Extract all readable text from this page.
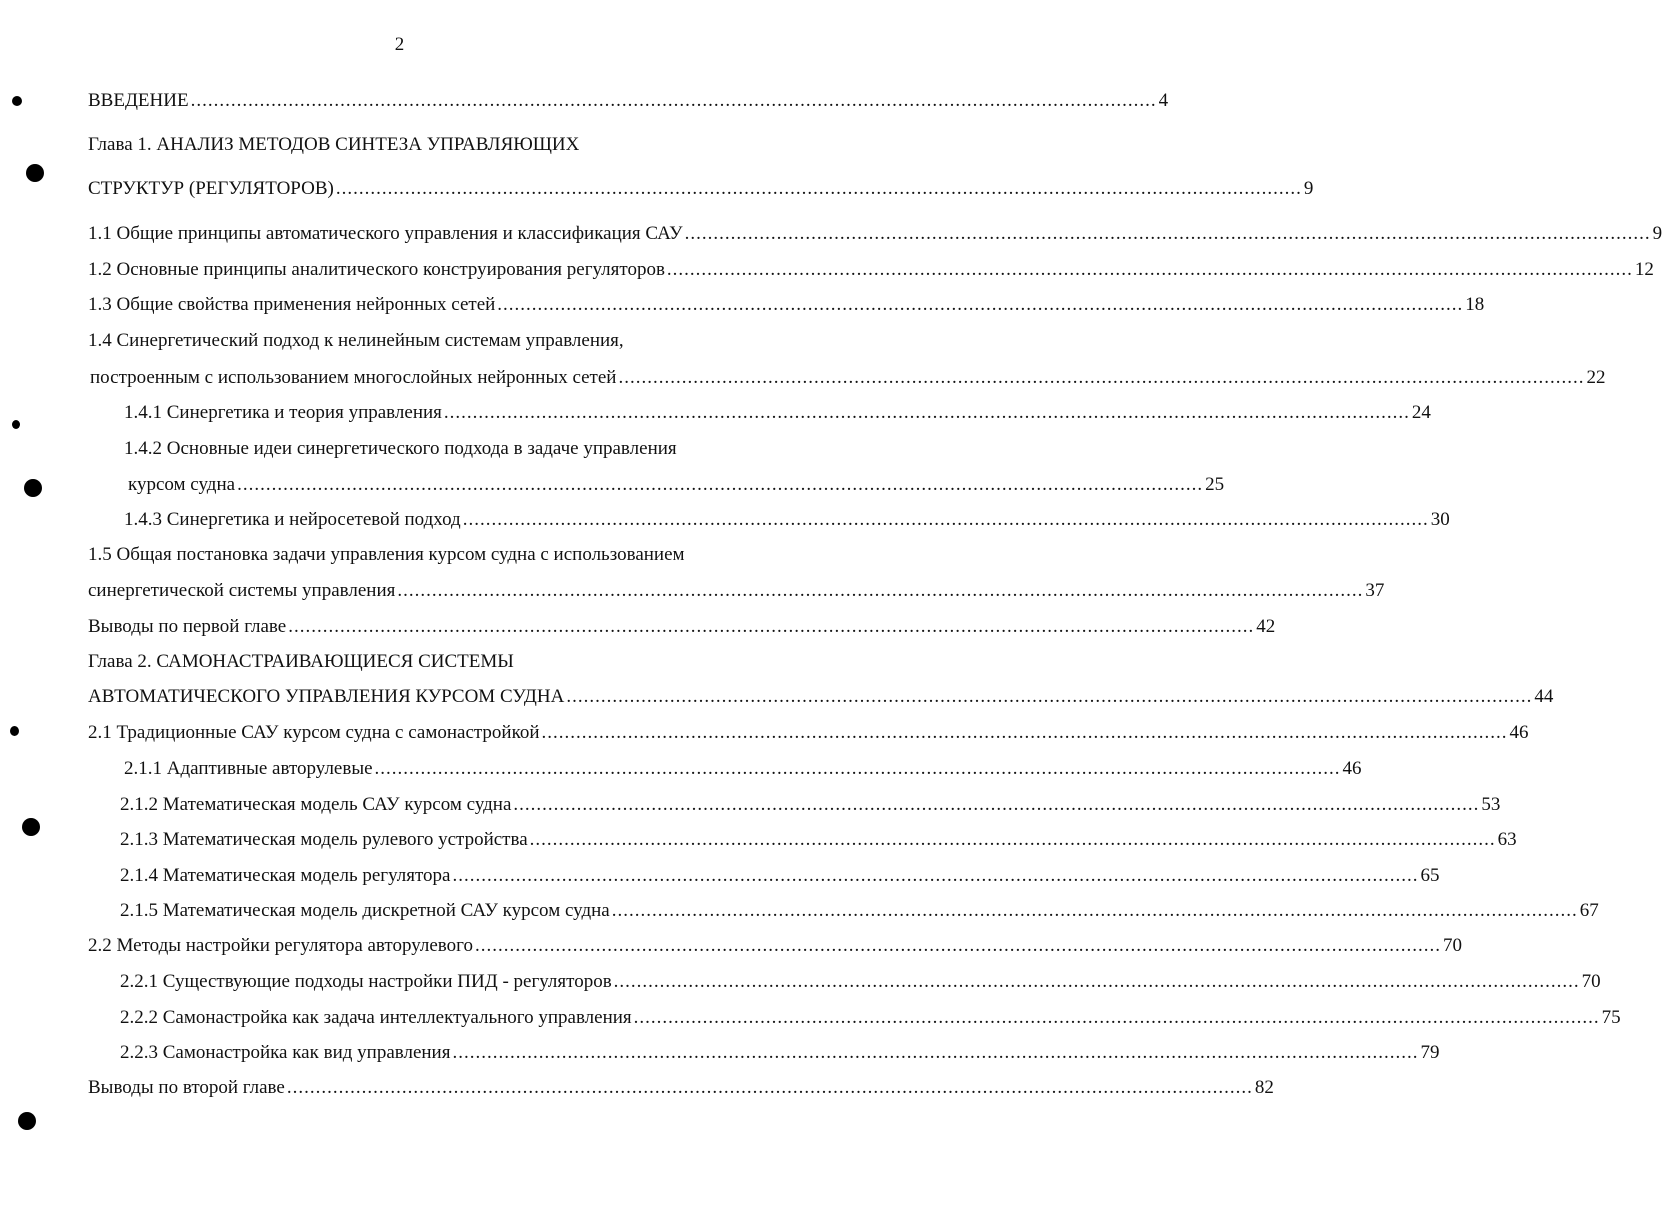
2
ВВЕДЕНИЕ ........................................................................................................................................................................ 4
Глава 1. АНАЛИЗ МЕТОДОВ СИНТЕЗА УПРАВЛЯЮЩИХ
СТРУКТУР (РЕГУЛЯТОРОВ) ........................................................................................................................................................................ 9
1.1 Общие принципы автоматического управления и классификация САУ ........................................................................................................................................................................ 9
1.2 Основные принципы аналитического конструирования регуляторов ........................................................................................................................................................................ 12
1.3 Общие свойства применения нейронных сетей ........................................................................................................................................................................ 18
1.4 Синергетический подход к нелинейным системам управления,
построенным с использованием многослойных нейронных сетей ........................................................................................................................................................................ 22
1.4.1 Синергетика и теория управления ........................................................................................................................................................................ 24
1.4.2 Основные идеи синергетического подхода в задаче управления
курсом судна ........................................................................................................................................................................ 25
1.4.3 Синергетика и нейросетевой подход ........................................................................................................................................................................ 30
1.5 Общая постановка задачи управления курсом судна с использованием
синергетической системы управления ........................................................................................................................................................................ 37
Выводы по первой главе ........................................................................................................................................................................ 42
Глава 2. САМОНАСТРАИВАЮЩИЕСЯ СИСТЕМЫ
АВТОМАТИЧЕСКОГО УПРАВЛЕНИЯ КУРСОМ СУДНА ........................................................................................................................................................................ 44
2.1 Традиционные САУ курсом судна с самонастройкой ........................................................................................................................................................................ 46
2.1.1 Адаптивные авторулевые ........................................................................................................................................................................ 46
2.1.2 Математическая модель САУ курсом судна ........................................................................................................................................................................ 53
2.1.3 Математическая модель рулевого устройства ........................................................................................................................................................................ 63
2.1.4 Математическая модель регулятора ........................................................................................................................................................................ 65
2.1.5 Математическая модель дискретной САУ курсом судна ........................................................................................................................................................................ 67
2.2 Методы настройки регулятора авторулевого ........................................................................................................................................................................ 70
2.2.1 Существующие подходы настройки ПИД - регуляторов ........................................................................................................................................................................ 70
2.2.2 Самонастройка как задача интеллектуального управления ........................................................................................................................................................................ 75
2.2.3 Самонастройка как вид управления ........................................................................................................................................................................ 79
Выводы по второй главе ........................................................................................................................................................................ 82
